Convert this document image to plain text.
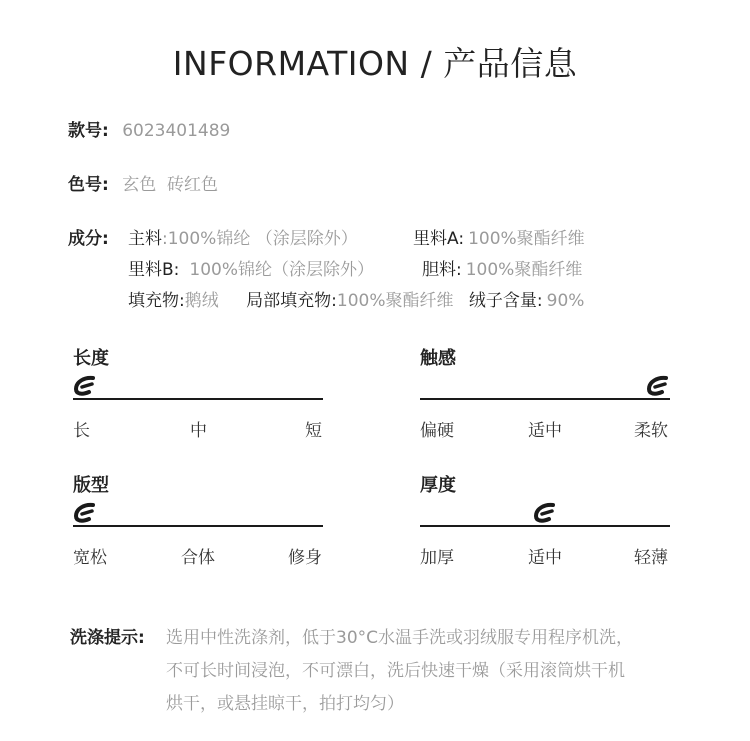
INFORMATION / 产品信息
款号: 6023401489
色号: 玄色  砖红色
成分: 主料:100%锦纶 （涂层除外）	里料A: 100%聚酯纤维
里料B: 100%锦纶（涂层除外）	胆料: 100%聚酯纤维
填充物:鹅绒 局部填充物:100%聚酯纤维 绒子含量: 90%
长度
长	中	短
触感
偏硬	适中	柔软
版型
宽松	合体	修身
厚度
加厚	适中	轻薄
洗涤提示: 选用中性洗涤剂，低于30°C水温手洗或羽绒服专用程序机洗，
不可长时间浸泡，不可漂白，洗后快速干燥（采用滚筒烘干机
烘干，或悬挂晾干，拍打均匀）
